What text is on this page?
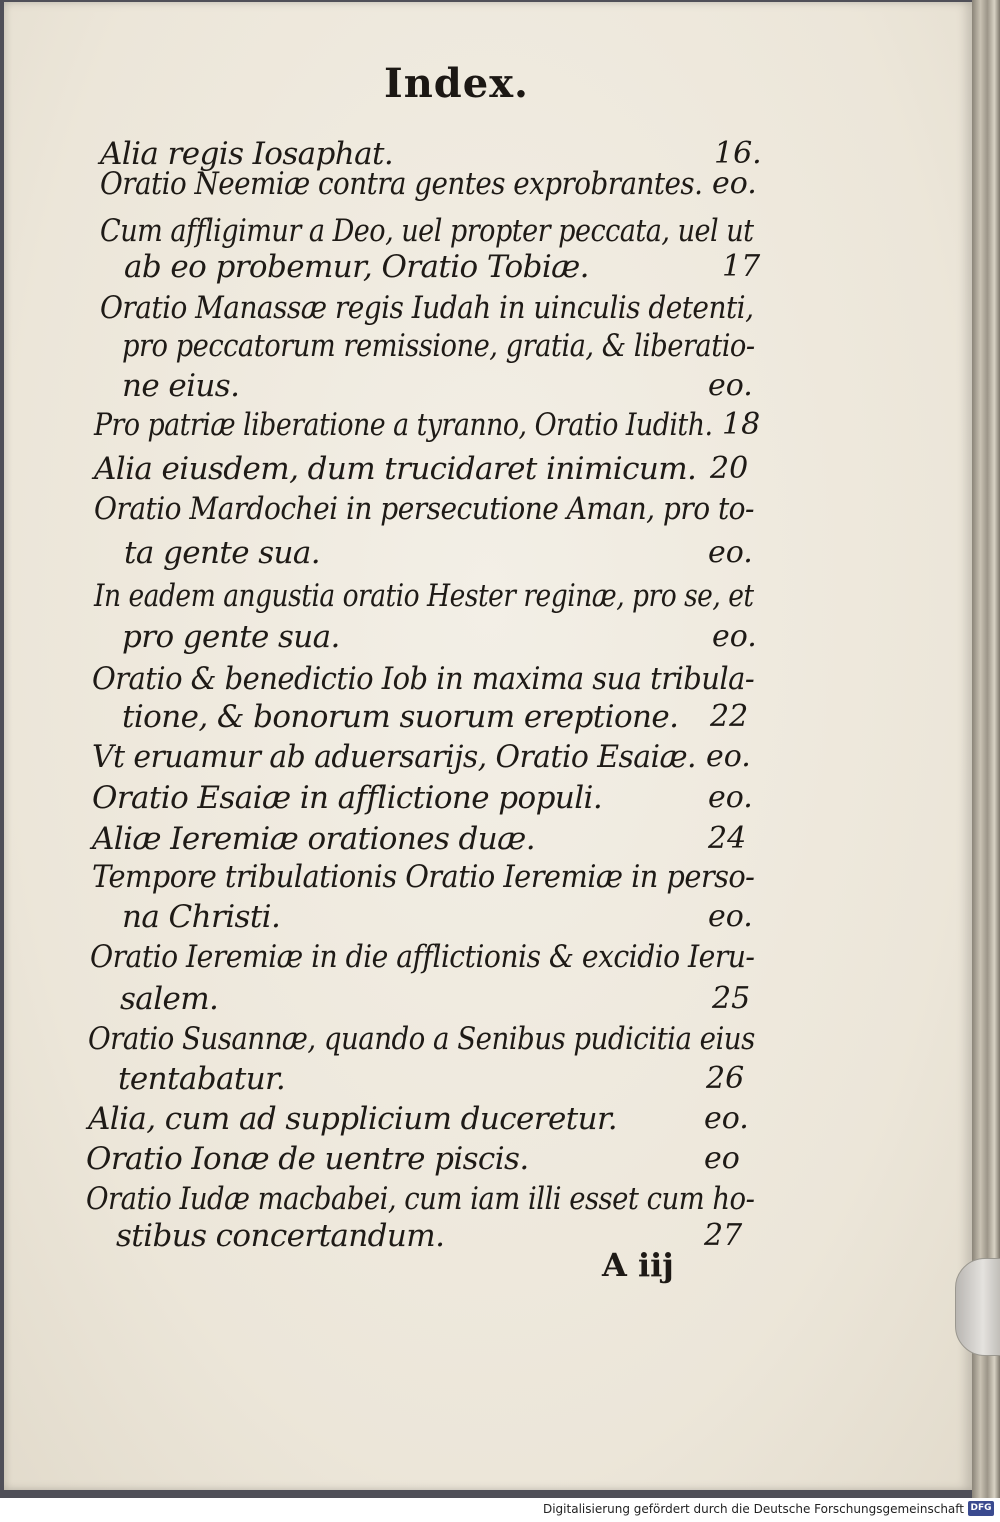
Index.
Alia regis Iosaphat.	16.
Oratio Neemiæ contra gentes exprobrantes. eo.
Cum affligimur a Deo, uel propter peccata, uel ut
ab eo probemur, Oratio Tobiæ.	17
Oratio Manassæ regis Iudah in uinculis detenti,
pro peccatorum remissione, gratia, & liberatio-
ne eius.	eo.
Pro patriæ liberatione a tyranno, Oratio Iudith. 18
Alia eiusdem, dum trucidaret inimicum. 20
Oratio Mardochei in persecutione Aman, pro to-
ta gente sua.	eo.
In eadem angustia oratio Hester reginæ, pro se, et
pro gente sua.	eo.
Oratio & benedictio Iob in maxima sua tribula-
tione, & bonorum suorum ereptione. 22
Vt eruamur ab aduersarijs, Oratio Esaiæ. eo.
Oratio Esaiæ in afflictione populi.	eo.
Aliæ Ieremiæ orationes duæ.	24
Tempore tribulationis Oratio Ieremiæ in perso-
na Christi.	eo.
Oratio Ieremiæ in die afflictionis & excidio Ieru-
salem.	25
Oratio Susannæ, quando a Senibus pudicitia eius
tentabatur.	26
Alia, cum ad supplicium duceretur.	eo.
Oratio Ionæ de uentre piscis.	eo
Oratio Iudæ macbabei, cum iam illi esset cum ho-
stibus concertandum.	27
A iij
Digitalisierung gefördert durch die Deutsche Forschungsgemeinschaft DFG
